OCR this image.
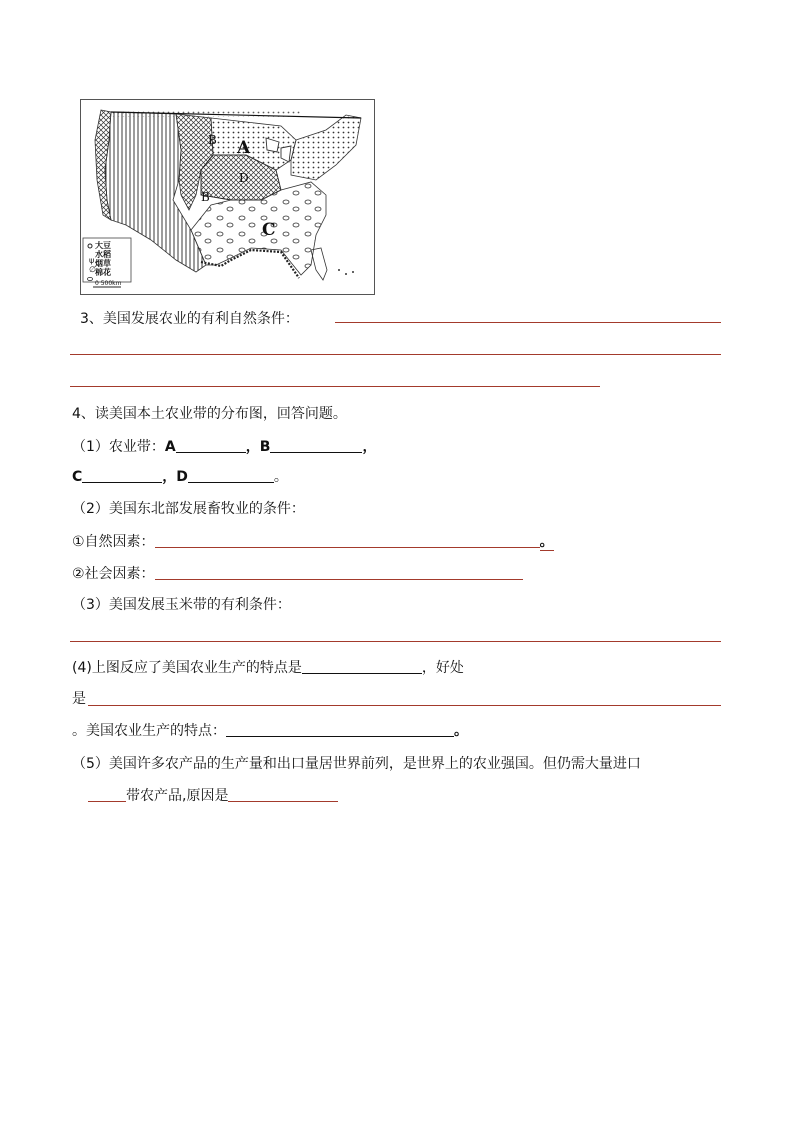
ψ
∅
A
B
B
C
D
大豆
水稻
烟草
棉花
0 500km
3、美国发展农业的有利自然条件：
4、读美国本土农业带的分布图，回答问题。
（1）农业带：A	，B	，
C	，D	。
（2）美国东北部发展畜牧业的条件：
①自然因素：	。
②社会因素：
（3）美国发展玉米带的有利条件：
(4)上图反应了美国农业生产的特点是	，好处
是
。美国农业生产的特点：	。
（5）美国许多农产品的生产量和出口量居世界前列，是世界上的农业强国。但仍需大量进口
带农产品,原因是
